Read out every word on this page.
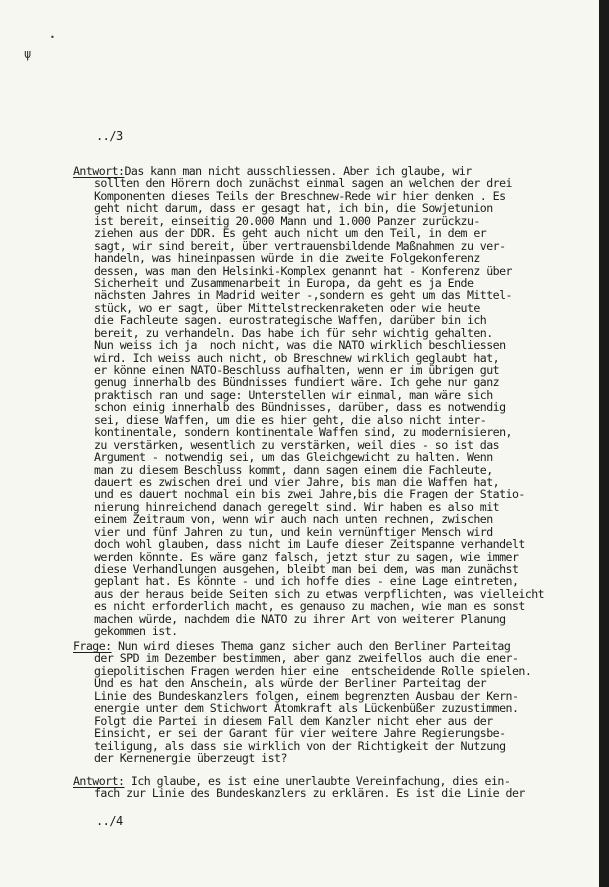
ψ
•
../3
Antwort:Das kann man nicht ausschliessen. Aber ich glaube, wir
sollten den Hörern doch zunächst einmal sagen an welchen der drei
Komponenten dieses Teils der Breschnew-Rede wir hier denken . Es
geht nicht darum, dass er gesagt hat, ich bin, die Sowjetunion
ist bereit, einseitig 20.000 Mann und 1.000 Panzer zurückzu-
ziehen aus der DDR. Es geht auch nicht um den Teil, in dem er
sagt, wir sind bereit, über vertrauensbildende Maßnahmen zu ver-
handeln, was hineinpassen würde in die zweite Folgekonferenz
dessen, was man den Helsinki-Komplex genannt hat - Konferenz über
Sicherheit und Zusammenarbeit in Europa, da geht es ja Ende
nächsten Jahres in Madrid weiter -,sondern es geht um das Mittel-
stück, wo er sagt, über Mittelstreckenraketen oder wie heute
die Fachleute sagen. eurostrategische Waffen, darüber bin ich
bereit, zu verhandeln. Das habe ich für sehr wichtig gehalten.
Nun weiss ich ja  noch nicht, was die NATO wirklich beschliessen
wird. Ich weiss auch nicht, ob Breschnew wirklich geglaubt hat,
er könne einen NATO-Beschluss aufhalten, wenn er im übrigen gut
genug innerhalb des Bündnisses fundiert wäre. Ich gehe nur ganz
praktisch ran und sage: Unterstellen wir einmal, man wäre sich
schon einig innerhalb des Bündnisses, darüber, dass es notwendig
sei, diese Waffen, um die es hier geht, die also nicht inter-
kontinentale, sondern kontinentale Waffen sind, zu modernisieren,
zu verstärken, wesentlich zu verstärken, weil dies - so ist das
Argument - notwendig sei, um das Gleichgewicht zu halten. Wenn
man zu diesem Beschluss kommt, dann sagen einem die Fachleute,
dauert es zwischen drei und vier Jahre, bis man die Waffen hat,
und es dauert nochmal ein bis zwei Jahre,bis die Fragen der Statio-
nierung hinreichend danach geregelt sind. Wir haben es also mit
einem Zeitraum von, wenn wir auch nach unten rechnen, zwischen
vier und fünf Jahren zu tun, und kein vernünftiger Mensch wird
doch wohl glauben, dass nicht im Laufe dieser Zeitspanne verhandelt
werden könnte. Es wäre ganz falsch, jetzt stur zu sagen, wie immer
diese Verhandlungen ausgehen, bleibt man bei dem, was man zunächst
geplant hat. Es könnte - und ich hoffe dies - eine Lage eintreten,
aus der heraus beide Seiten sich zu etwas verpflichten, was vielleicht
es nicht erforderlich macht, es genauso zu machen, wie man es sonst
machen würde, nachdem die NATO zu ihrer Art von weiterer Planung
gekommen ist.
Frage: Nun wird dieses Thema ganz sicher auch den Berliner Parteitag
der SPD im Dezember bestimmen, aber ganz zweifellos auch die ener-
giepolitischen Fragen werden hier eine  entscheidende Rolle spielen.
Und es hat den Anschein, als würde der Berliner Parteitag der
Linie des Bundeskanzlers folgen, einem begrenzten Ausbau der Kern-
energie unter dem Stichwort Atomkraft als Lückenbüßer zuzustimmen.
Folgt die Partei in diesem Fall dem Kanzler nicht eher aus der
Einsicht, er sei der Garant für vier weitere Jahre Regierungsbe-
teiligung, als dass sie wirklich von der Richtigkeit der Nutzung
der Kernenergie überzeugt ist?
Antwort: Ich glaube, es ist eine unerlaubte Vereinfachung, dies ein-
fach zur Linie des Bundeskanzlers zu erklären. Es ist die Linie der
../4
